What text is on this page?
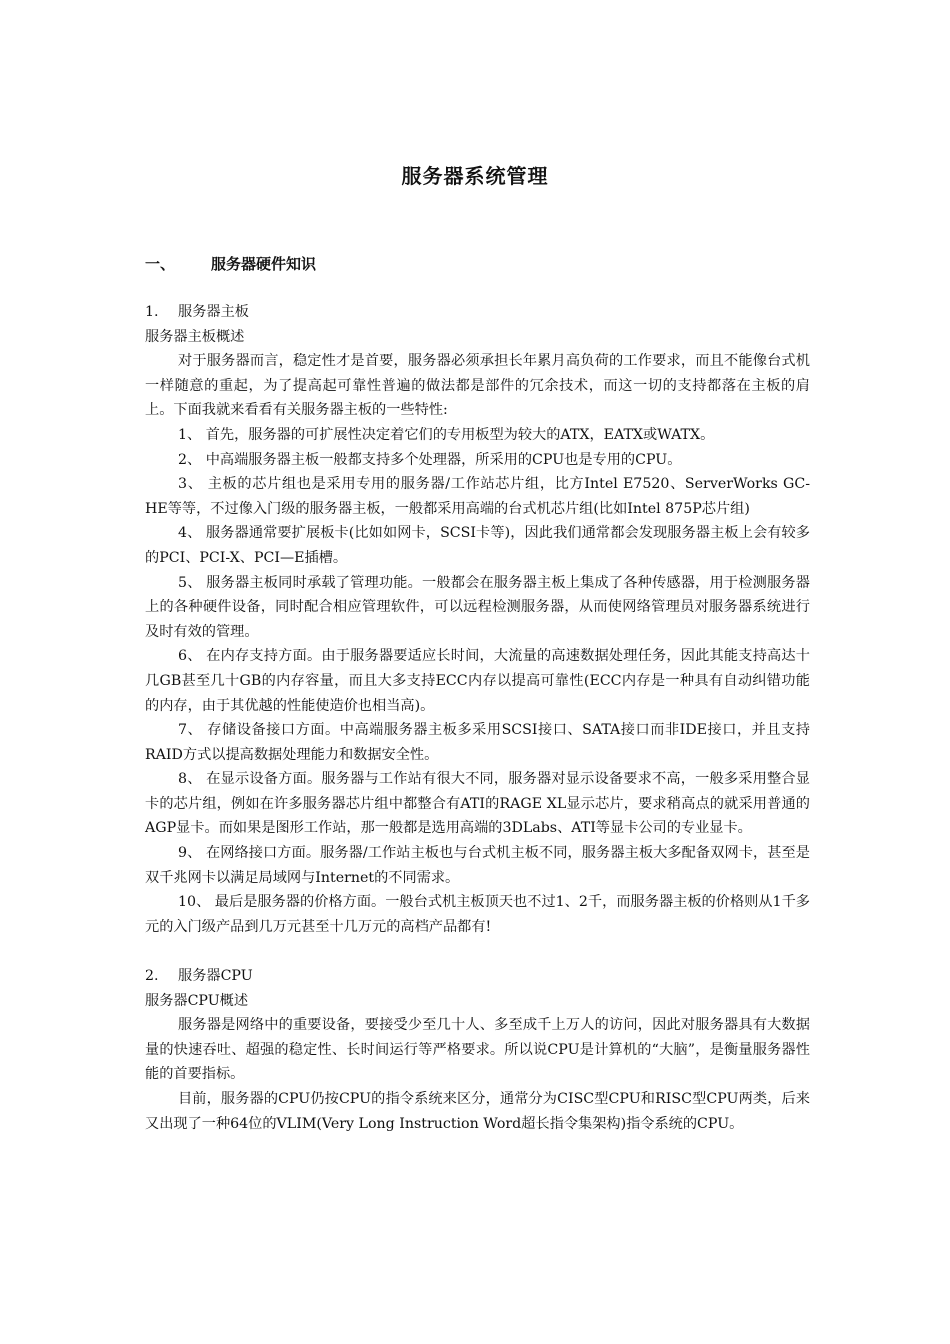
服务器系统管理
一、 服务器硬件知识

1. 服务器主板

服务器主板概述

对于服务器而言，稳定性才是首要，服务器必须承担长年累月高负荷的工作要求，而且不能像台式机一样随意的重起，为了提高起可靠性普遍的做法都是部件的冗余技术，而这一切的支持都落在主板的肩上。下面我就来看看有关服务器主板的一些特性:

1、 首先，服务器的可扩展性决定着它们的专用板型为较大的ATX，EATX或WATX。

2、 中高端服务器主板一般都支持多个处理器，所采用的CPU也是专用的CPU。

3、 主板的芯片组也是采用专用的服务器/工作站芯片组，比方Intel E7520、ServerWorks GC-HE等等，不过像入门级的服务器主板，一般都采用高端的台式机芯片组(比如Intel 875P芯片组)

4、 服务器通常要扩展板卡(比如如网卡，SCSI卡等)，因此我们通常都会发现服务器主板上会有较多的PCI、PCI-X、PCI—E插槽。

5、 服务器主板同时承载了管理功能。一般都会在服务器主板上集成了各种传感器，用于检测服务器上的各种硬件设备，同时配合相应管理软件，可以远程检测服务器，从而使网络管理员对服务器系统进行及时有效的管理。

6、 在内存支持方面。由于服务器要适应长时间，大流量的高速数据处理任务，因此其能支持高达十几GB甚至几十GB的内存容量，而且大多支持ECC内存以提高可靠性(ECC内存是一种具有自动纠错功能的内存，由于其优越的性能使造价也相当高)。

7、 存储设备接口方面。中高端服务器主板多采用SCSI接口、SATA接口而非IDE接口，并且支持RAID方式以提高数据处理能力和数据安全性。

8、 在显示设备方面。服务器与工作站有很大不同，服务器对显示设备要求不高，一般多采用整合显卡的芯片组，例如在许多服务器芯片组中都整合有ATI的RAGE XL显示芯片，要求稍高点的就采用普通的AGP显卡。而如果是图形工作站，那一般都是选用高端的3DLabs、ATI等显卡公司的专业显卡。

9、 在网络接口方面。服务器/工作站主板也与台式机主板不同，服务器主板大多配备双网卡，甚至是双千兆网卡以满足局域网与Internet的不同需求。

10、 最后是服务器的价格方面。一般台式机主板顶天也不过1、2千，而服务器主板的价格则从1千多元的入门级产品到几万元甚至十几万元的高档产品都有!

2. 服务器CPU

服务器CPU概述

服务器是网络中的重要设备，要接受少至几十人、多至成千上万人的访问，因此对服务器具有大数据量的快速吞吐、超强的稳定性、长时间运行等严格要求。所以说CPU是计算机的“大脑”，是衡量服务器性能的首要指标。

目前，服务器的CPU仍按CPU的指令系统来区分，通常分为CISC型CPU和RISC型CPU两类，后来又出现了一种64位的VLIM(Very Long Instruction Word超长指令集架构)指令系统的CPU。
